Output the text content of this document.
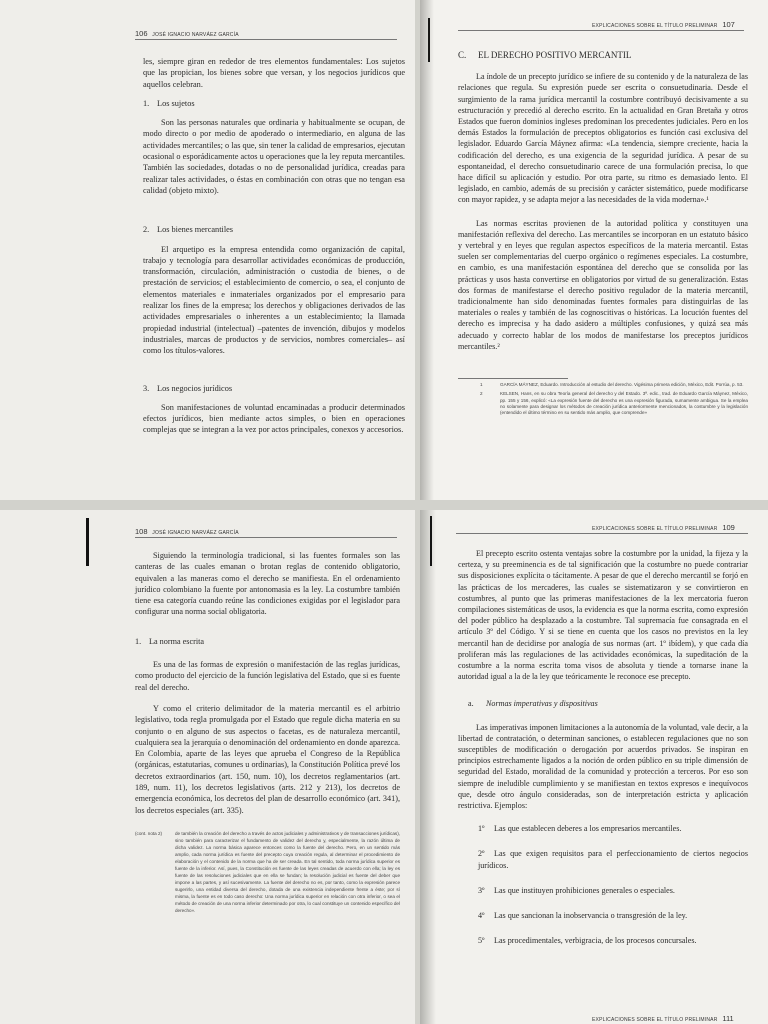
106 JOSÉ IGNACIO NARVÁEZ GARCÍA

les, siempre giran en rededor de tres elementos fundamentales: Los sujetos que las propician, los bienes sobre que versan, y los negocios jurídicos que aquellos celebran.

1. Los sujetos

Son las personas naturales que ordinaria y habitualmente se ocupan, de modo directo o por medio de apoderado o intermediario, en alguna de las actividades mercantiles; o las que, sin tener la calidad de empresarios, ejecutan ocasional o esporádicamente actos u operaciones que la ley reputa mercantiles. También las sociedades, dotadas o no de personalidad jurídica, creadas para realizar tales actividades, o éstas en combinación con otras que no tengan esa calidad (objeto mixto).

2. Los bienes mercantiles

El arquetipo es la empresa entendida como organización de capital, trabajo y tecnología para desarrollar actividades económicas de producción, transformación, circulación, administración o custodia de bienes, o de prestación de servicios; el establecimiento de comercio, o sea, el conjunto de elementos materiales e inmateriales organizados por el empresario para realizar los fines de la empresa; los derechos y obligaciones derivados de las actividades empresariales o inherentes a un establecimiento; la llamada propiedad industrial (intelectual) –patentes de invención, dibujos y modelos industriales, marcas de productos y de servicios, nombres comerciales– así como los títulos-valores.

3. Los negocios jurídicos

Son manifestaciones de voluntad encaminadas a producir determinados efectos jurídicos, bien mediante actos simples, o bien en operaciones complejas que se integran a la vez por actos principales, conexos y accesorios.

EXPLICACIONES SOBRE EL TÍTULO PRELIMINAR 107

C. EL DERECHO POSITIVO MERCANTIL

La índole de un precepto jurídico se infiere de su contenido y de la naturaleza de las relaciones que regula. Su expresión puede ser escrita o consuetudinaria. Desde el surgimiento de la rama jurídica mercantil la costumbre contribuyó decisivamente a su estructuración y precedió al derecho escrito. En la actualidad en Gran Bretaña y otros Estados que fueron dominios ingleses predominan los precedentes judiciales. Pero en los demás Estados la formulación de preceptos obligatorios es función casi exclusiva del legislador. Eduardo García Máynez afirma: «La tendencia, siempre creciente, hacia la codificación del derecho, es una exigencia de la seguridad jurídica. A pesar de su espontaneidad, el derecho consuetudinario carece de una formulación precisa, lo que hace difícil su aplicación y estudio. Por otra parte, su ritmo es demasiado lento. El legislado, en cambio, además de su precisión y carácter sistemático, puede modificarse con mayor rapidez, y se adapta mejor a las necesidades de la vida moderna».¹

Las normas escritas provienen de la autoridad política y constituyen una manifestación reflexiva del derecho. Las mercantiles se incorporan en un estatuto básico y vertebral y en leyes que regulan aspectos específicos de la materia mercantil. Estas suelen ser complementarias del cuerpo orgánico o regímenes especiales. La costumbre, en cambio, es una manifestación espontánea del derecho que se consolida por las prácticas y usos hasta convertirse en obligatorios por virtud de su generalización. Estas dos formas de manifestarse el derecho positivo regulador de la materia mercantil, tradicionalmente han sido denominadas fuentes formales para distinguirlas de las materiales o reales y también de las cognoscitivas o históricas. La locución fuentes del derecho es imprecisa y ha dado asidero a múltiples confusiones, y quizá sea más adecuado y correcto hablar de los modos de manifestarse los preceptos jurídicos mercantiles.²

1	GARCÍA MÁYNEZ, Eduardo. Introducción al estudio del derecho. Vigésima primera edición, México, Edit. Porrúa, p. 53.
2	KELSEN, Hans, en su obra Teoría general del derecho y del Estado. 3ª. edic., trad. de Eduardo García Máynez, México, pp. 155 y 156, explicó: «La expresión fuente del derecho es una expresión figurada, sumamente ambigua. Se la emplea no solamente para designar los métodos de creación jurídica anteriormente mencionados, la costumbre y la legislación (entendido el último término en su sentido más amplio, que comprende»
108 JOSÉ IGNACIO NARVÁEZ GARCÍA

Siguiendo la terminología tradicional, si las fuentes formales son las canteras de las cuales emanan o brotan reglas de contenido obligatorio, equivalen a las maneras como el derecho se manifiesta. En el ordenamiento jurídico colombiano la fuente por antonomasia es la ley. La costumbre también tiene esa categoría cuando reúne las condiciones exigidas por el legislador para configurar una norma social obligatoria.

1. La norma escrita

Es una de las formas de expresión o manifestación de las reglas jurídicas, como producto del ejercicio de la función legislativa del Estado, que si es fuente real del derecho.

Y como el criterio delimitador de la materia mercantil es el arbitrio legislativo, toda regla promulgada por el Estado que regule dicha materia en su conjunto o en alguno de sus aspectos o facetas, es de naturaleza mercantil, cualquiera sea la jerarquía o denominación del ordenamiento en donde aparezca. En Colombia, aparte de las leyes que aprueba el Congreso de la República (orgánicas, estatutarias, comunes u ordinarias), la Constitución Política prevé los decretos extraordinarios (art. 150, num. 10), los decretos reglamentarios (art. 189, num. 11), los decretos legislativos (arts. 212 y 213), los decretos de emergencia económica, los decretos del plan de desarrollo económico (art. 341), los decretos especiales (art. 335).

(cont. nota 2)	de también la creación del derecho a través de actos judiciales y administrativos y de transacciones jurídicas), sino también para caracterizar el fundamento de validez del derecho y, especialmente, la razón última de dicha validez. La norma básica aparece entonces como la fuente del derecho. Pero, en un sentido más amplio, cada norma jurídica es fuente del precepto cuya creación regula, al determinar el procedimiento de elaboración y el contenido de la norma que ha de ser creada. En tal sentido, toda norma jurídica superior es fuente de la inferior. Así, pues, la Constitución es fuente de las leyes creadas de acuerdo con ella; la ley es fuente de las resoluciones judiciales que en ella se fundan; la resolución judicial es fuente del deber que impone a las partes, y así sucesivamente. La fuente del derecho no es, por tanto, como la expresión parece sugerirlo, una entidad diversa del derecho, dotada de una existencia independiente frente a éste; por sí misma, la fuente es en todo caso derecho: Una norma jurídica superior en relación con otra inferior, o sea el método de creación de una norma inferior determinado por otra, lo cual constituye un contenido específico del derecho».
EXPLICACIONES SOBRE EL TÍTULO PRELIMINAR 109

El precepto escrito ostenta ventajas sobre la costumbre por la unidad, la fijeza y la certeza, y su preeminencia es de tal significación que la costumbre no puede contrariar sus disposiciones explícita o tácitamente. A pesar de que el derecho mercantil se forjó en las prácticas de los mercaderes, las cuales se sistematizaron y se convirtieron en costumbres, al punto que las primeras manifestaciones de la lex mercatoria fueron compilaciones sistemáticas de usos, la evidencia es que la norma escrita, como expresión del poder público ha desplazado a la costumbre. Tal supremacía fue consagrada en el artículo 3º del Código. Y si se tiene en cuenta que los casos no previstos en la ley mercantil han de decidirse por analogía de sus normas (art. 1º ibídem), y que cada día proliferan más las regulaciones de las actividades económicas, la supeditación de la costumbre a la norma escrita toma visos de absoluta y tiende a tornarse inane la autoridad igual a la de la ley que teóricamente le reconoce ese precepto.

a. Normas imperativas y dispositivas

Las imperativas imponen limitaciones a la autonomía de la voluntad, vale decir, a la libertad de contratación, o determinan sanciones, o establecen regulaciones que no son susceptibles de modificación o derogación por acuerdos privados. Se inspiran en principios estrechamente ligados a la noción de orden público en su triple dimensión de seguridad del Estado, moralidad de la comunidad y protección a terceros. Por eso son siempre de ineludible cumplimiento y se manifiestan en textos expresos e inequívocos que, desde otro ángulo consideradas, son de interpretación estricta y aplicación restrictiva. Ejemplos:

1º Las que establecen deberes a los empresarios mercantiles.

2º Las que exigen requisitos para el perfeccionamiento de ciertos negocios jurídicos.

3º Las que instituyen prohibiciones generales o especiales.

4º Las que sancionan la inobservancia o transgresión de la ley.

5º Las procedimentales, verbigracia, de los procesos concursales.

EXPLICACIONES SOBRE EL TÍTULO PRELIMINAR 111
